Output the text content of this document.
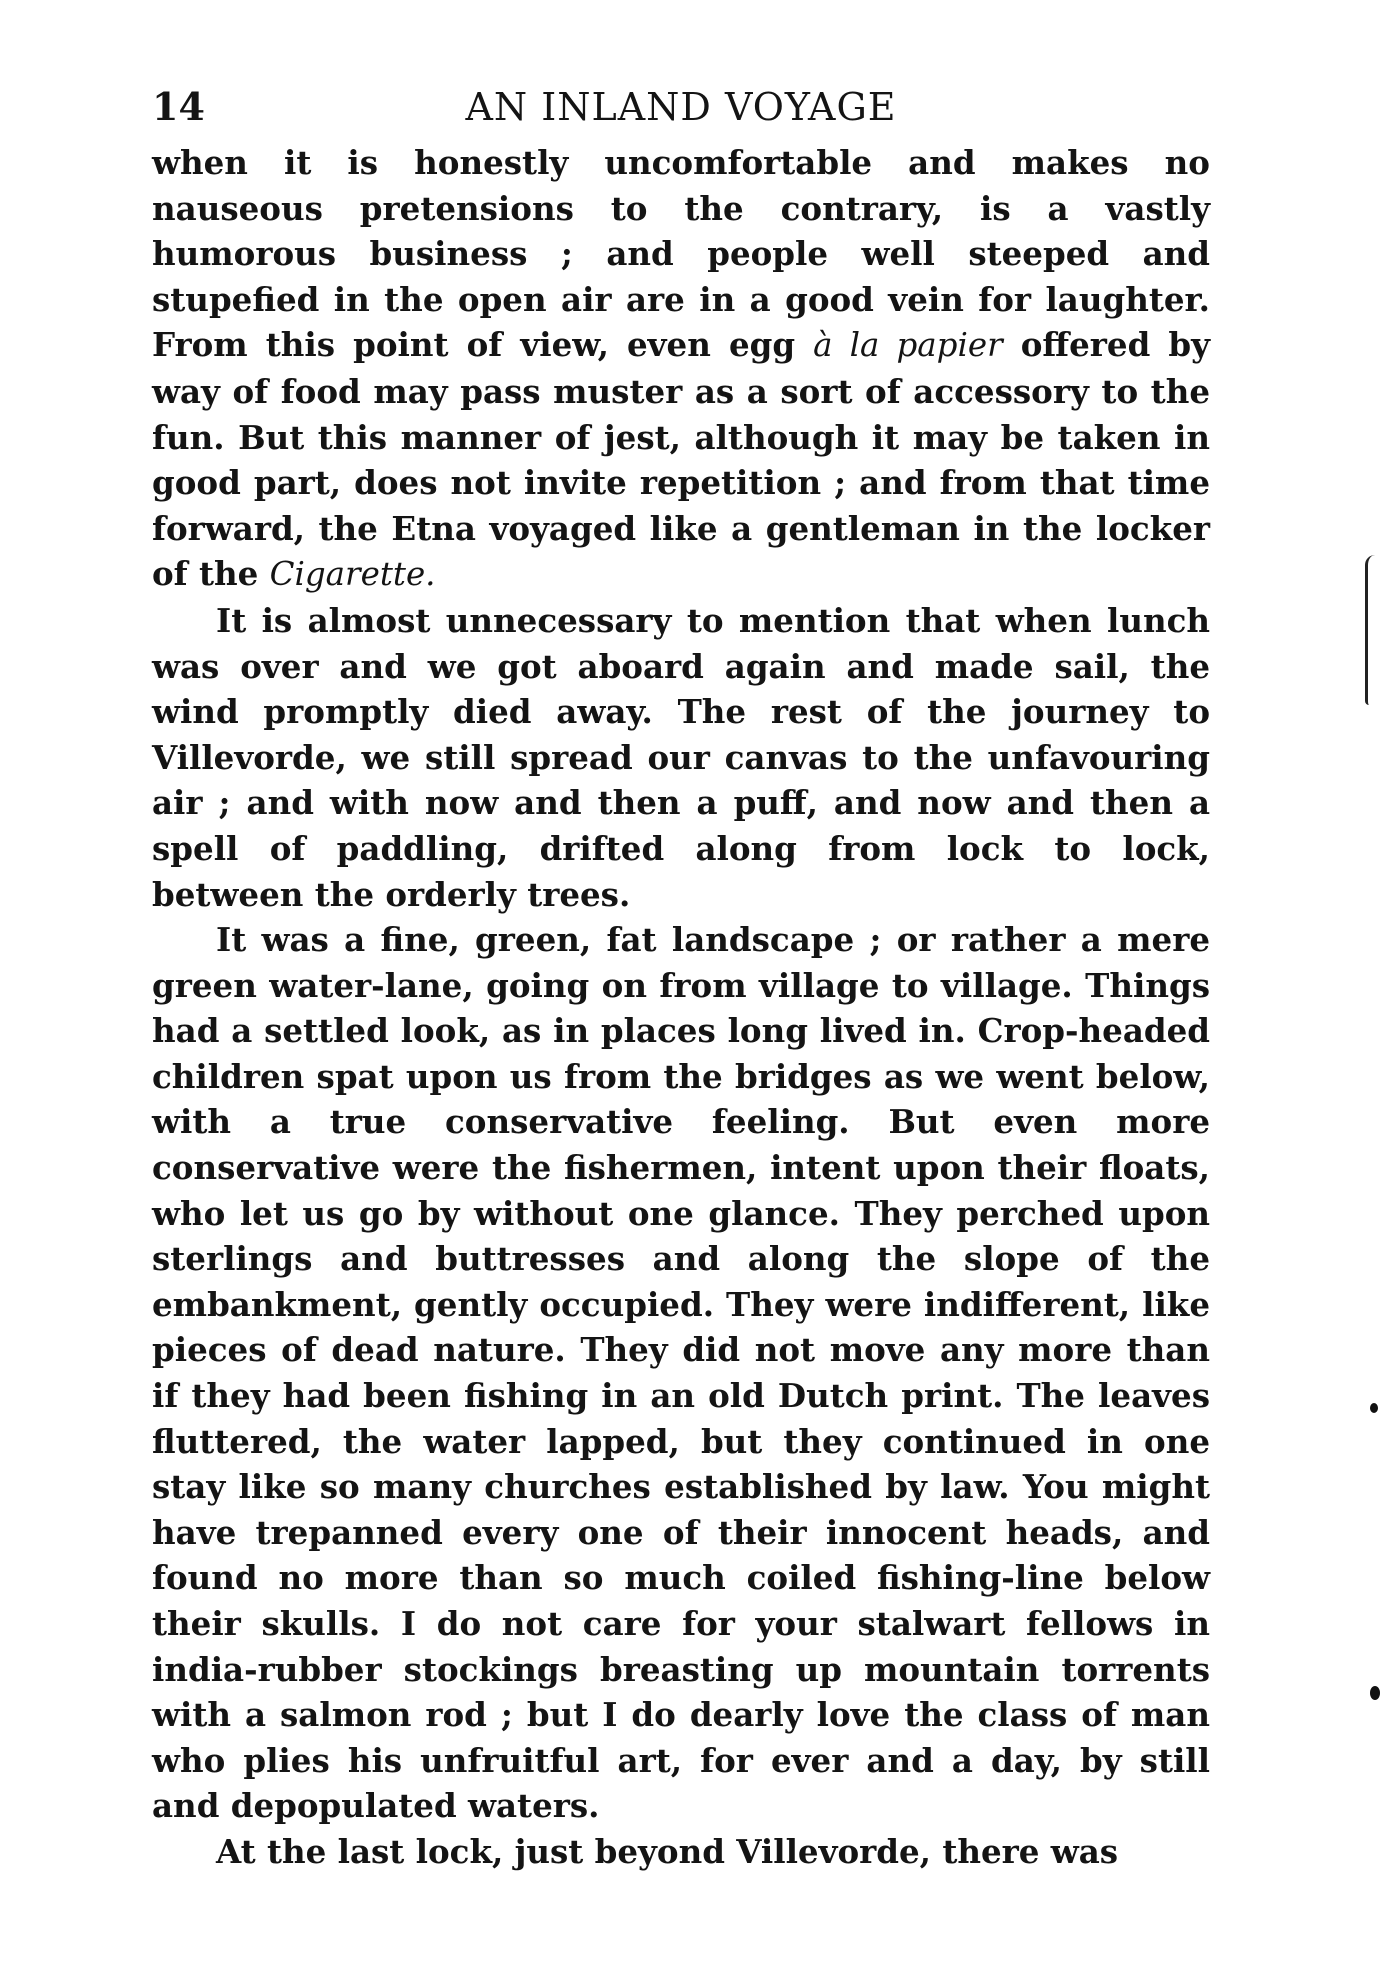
14	AN INLAND VOYAGE

when it is honestly uncomfortable and makes no nauseous pretensions to the contrary, is a vastly humorous business ; and people well steeped and stupefied in the open air are in a good vein for laughter. From this point of view, even egg à la papier offered by way of food may pass muster as a sort of accessory to the fun. But this manner of jest, although it may be taken in good part, does not invite repetition ; and from that time forward, the Etna voyaged like a gentleman in the locker of the Cigarette.

It is almost unnecessary to mention that when lunch was over and we got aboard again and made sail, the wind promptly died away. The rest of the journey to Villevorde, we still spread our canvas to the unfavouring air ; and with now and then a puff, and now and then a spell of paddling, drifted along from lock to lock, between the orderly trees.

It was a fine, green, fat landscape ; or rather a mere green water-lane, going on from village to village. Things had a settled look, as in places long lived in. Crop-headed children spat upon us from the bridges as we went below, with a true conservative feeling. But even more conservative were the fishermen, intent upon their floats, who let us go by without one glance. They perched upon sterlings and buttresses and along the slope of the embankment, gently occupied. They were indifferent, like pieces of dead nature. They did not move any more than if they had been fishing in an old Dutch print. The leaves fluttered, the water lapped, but they continued in one stay like so many churches established by law. You might have trepanned every one of their innocent heads, and found no more than so much coiled fishing-line below their skulls. I do not care for your stalwart fellows in india-rubber stockings breasting up mountain torrents with a salmon rod ; but I do dearly love the class of man who plies his unfruitful art, for ever and a day, by still and depopulated waters.

At the last lock, just beyond Villevorde, there was
